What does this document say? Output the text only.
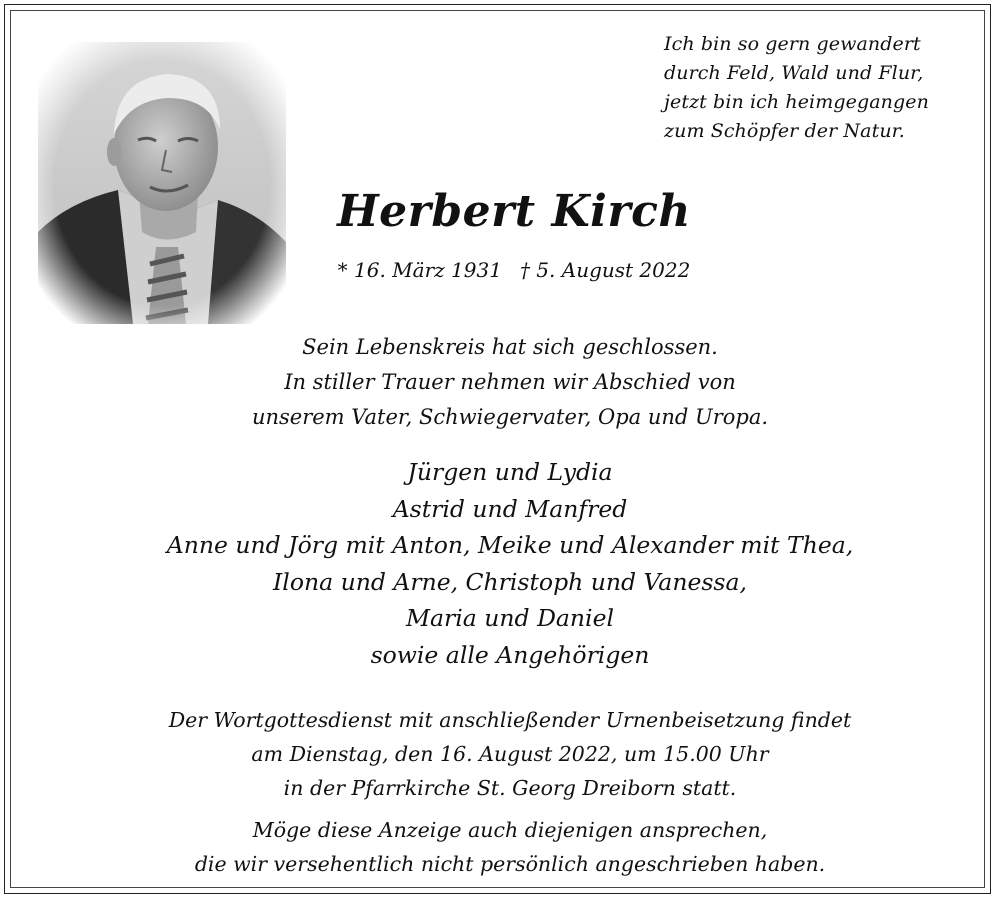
Ich bin so gern gewandert
durch Feld, Wald und Flur,
jetzt bin ich heimgegangen
zum Schöpfer der Natur.
Herbert Kirch
* 16. März 1931 † 5. August 2022
Sein Lebenskreis hat sich geschlossen.
In stiller Trauer nehmen wir Abschied von
unserem Vater, Schwiegervater, Opa und Uropa.
Jürgen und Lydia
Astrid und Manfred
Anne und Jörg mit Anton, Meike und Alexander mit Thea,
Ilona und Arne, Christoph und Vanessa,
Maria und Daniel
sowie alle Angehörigen
Der Wortgottesdienst mit anschließender Urnenbeisetzung findet
am Dienstag, den 16. August 2022, um 15.00 Uhr
in der Pfarrkirche St. Georg Dreiborn statt.
Möge diese Anzeige auch diejenigen ansprechen,
die wir versehentlich nicht persönlich angeschrieben haben.
